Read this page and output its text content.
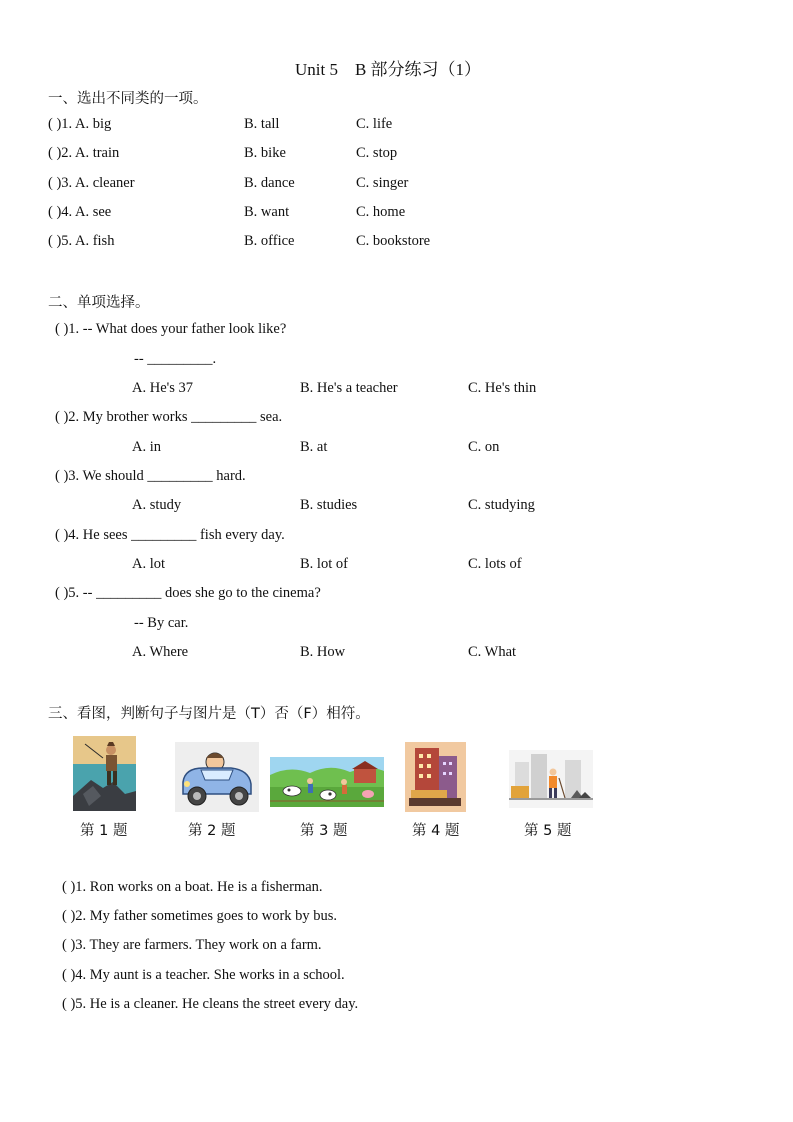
Unit 5　B 部分练习（1）
一、选出不同类的一项。
( )1. A. big	B. tall	C. life
( )2. A. train	B. bike	C. stop
( )3. A. cleaner	B. dance	C. singer
( )4. A. see	B. want	C. home
( )5. A. fish	B. office	C. bookstore
二、单项选择。
( )1. -- What does your father look like?
-- _________.
A. He's 37	B. He's a teacher	C. He's thin
( )2. My brother works _________ sea.
A. in	B. at	C. on
( )3. We should _________ hard.
A. study	B. studies	C. studying
( )4. He sees _________ fish every day.
A. lot	B. lot of	C. lots of
( )5. -- _________ does she go to the cinema?
-- By car.
A. Where	B. How	C. What
三、看图，判断句子与图片是（T）否（F）相符。
第 1 题	第 2 题	第 3 题	第 4 题	第 5 题
( )1. Ron works on a boat. He is a fisherman.
( )2. My father sometimes goes to work by bus.
( )3. They are farmers. They work on a farm.
( )4. My aunt is a teacher. She works in a school.
( )5. He is a cleaner. He cleans the street every day.
